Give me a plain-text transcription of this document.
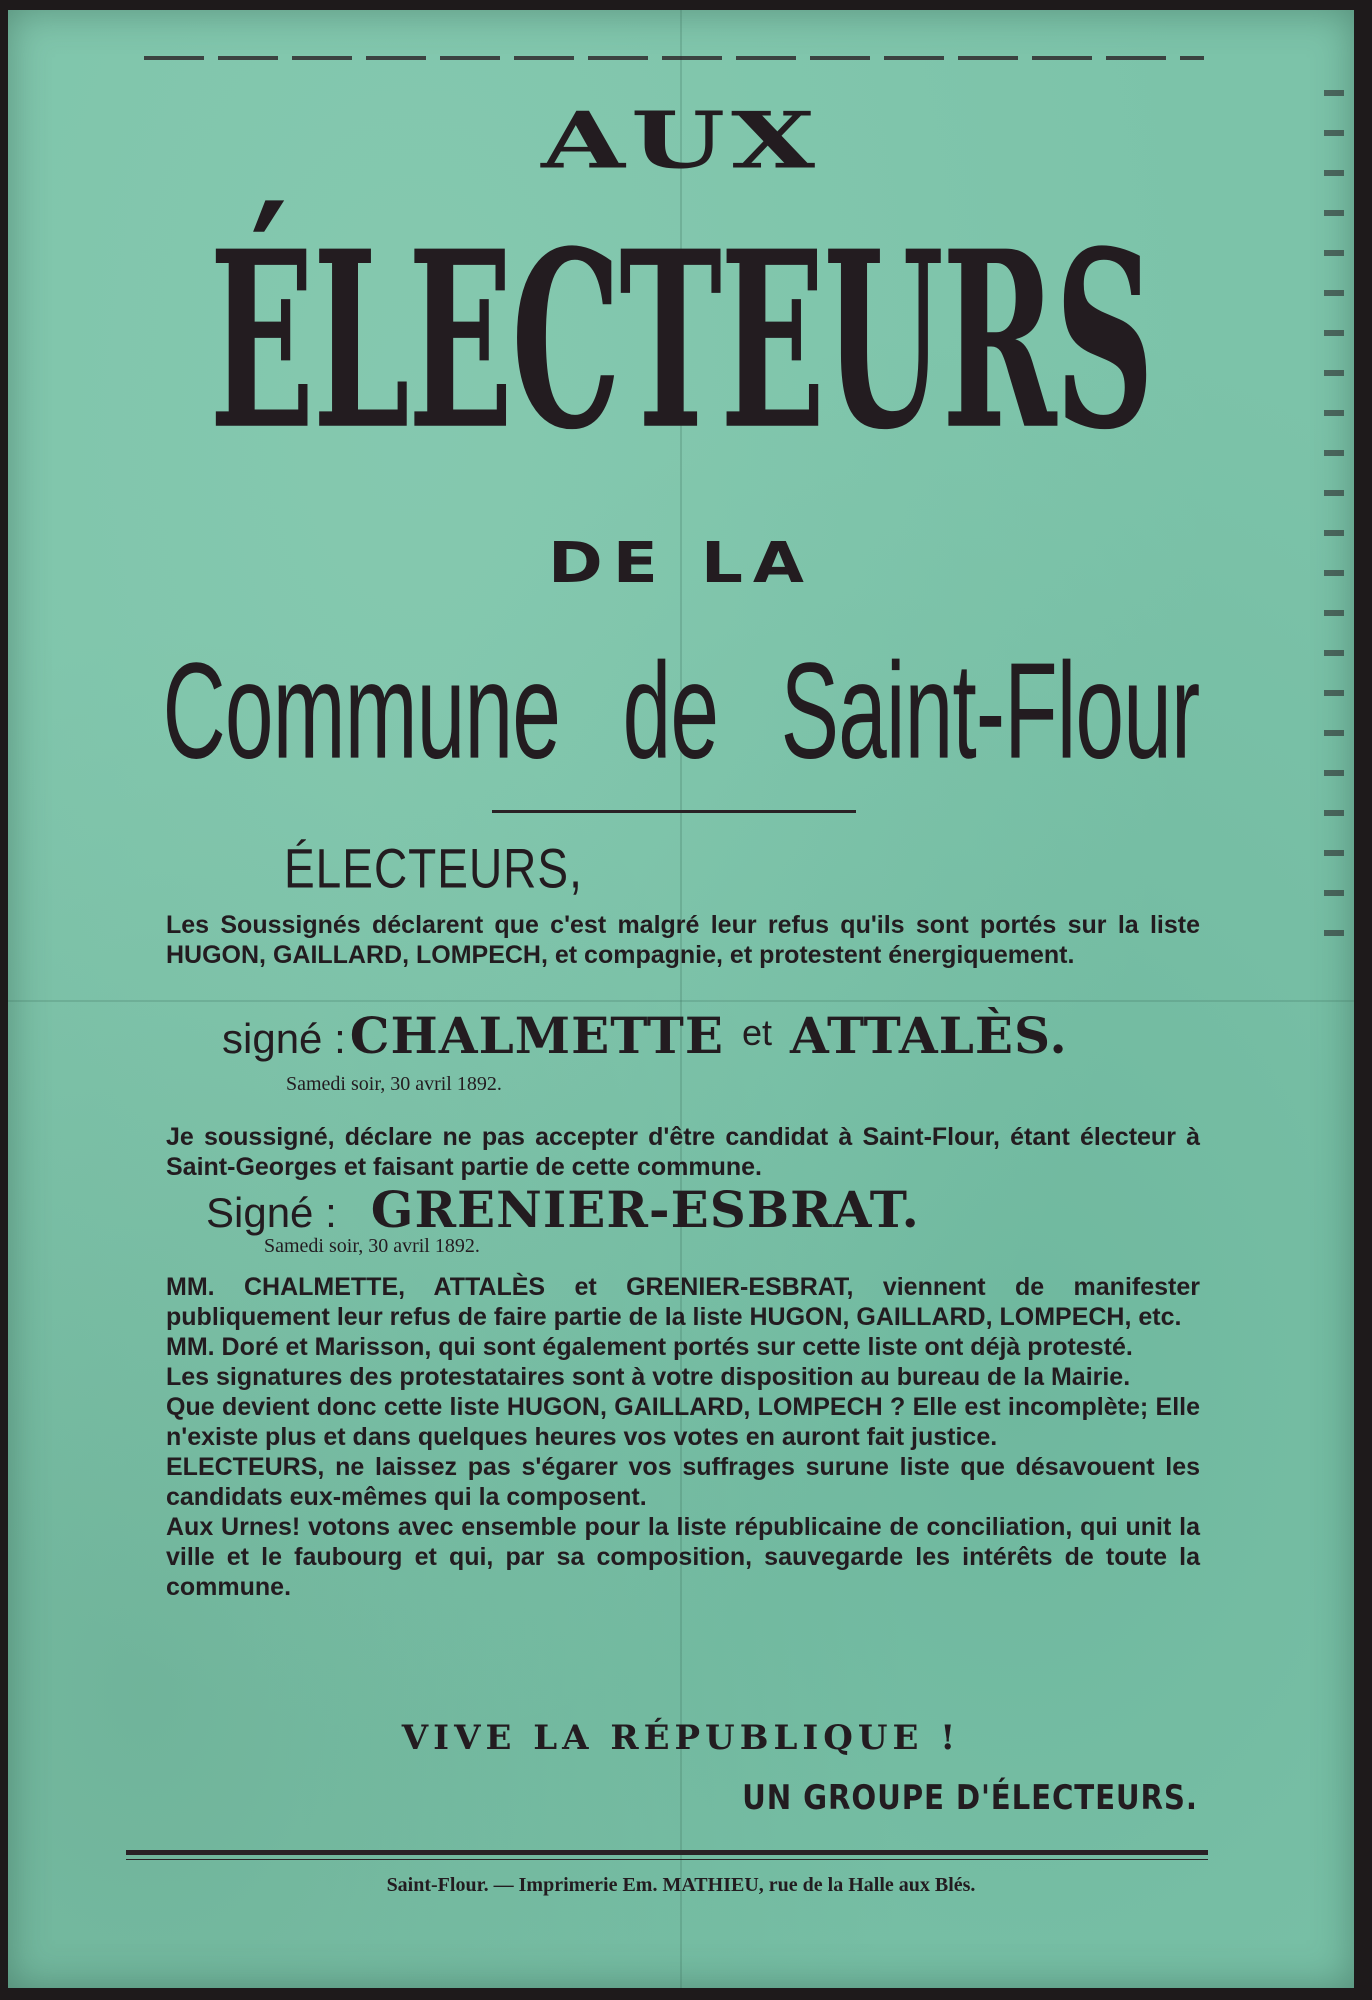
AUX
ÉLECTEURS
DE LA
Commune de Saint-Flour
ÉLECTEURS,
Les Soussignés déclarent que c'est malgré leur refus qu'ils sont portés sur la liste HUGON, GAILLARD, LOMPECH, et compagnie, et protestent énergiquement.
signé : CHALMETTE et ATTALÈS.
Samedi soir, 30 avril 1892.
Je soussigné, déclare ne pas accepter d'être candidat à Saint-Flour, étant électeur à Saint-Georges et faisant partie de cette commune.
Signé : GRENIER-ESBRAT.
Samedi soir, 30 avril 1892.

MM. CHALMETTE, ATTALÈS et GRENIER-ESBRAT, viennent de manifester publiquement leur refus de faire partie de la liste HUGON, GAILLARD, LOMPECH, etc.

MM. Doré et Marisson, qui sont également portés sur cette liste ont déjà protesté.

Les signatures des protestataires sont à votre disposition au bureau de la Mairie.

Que devient donc cette liste HUGON, GAILLARD, LOMPECH ? Elle est incomplète; Elle n'existe plus et dans quelques heures vos votes en auront fait justice.

ELECTEURS, ne laissez pas s'égarer vos suffrages surune liste que désavouent les candidats eux-mêmes qui la composent.

Aux Urnes! votons avec ensemble pour la liste républicaine de conciliation, qui unit la ville et le faubourg et qui, par sa composition, sauvegarde les intérêts de toute la commune.

VIVE LA RÉPUBLIQUE !
UN GROUPE D'ÉLECTEURS.
Saint-Flour. — Imprimerie Em. MATHIEU, rue de la Halle aux Blés.
